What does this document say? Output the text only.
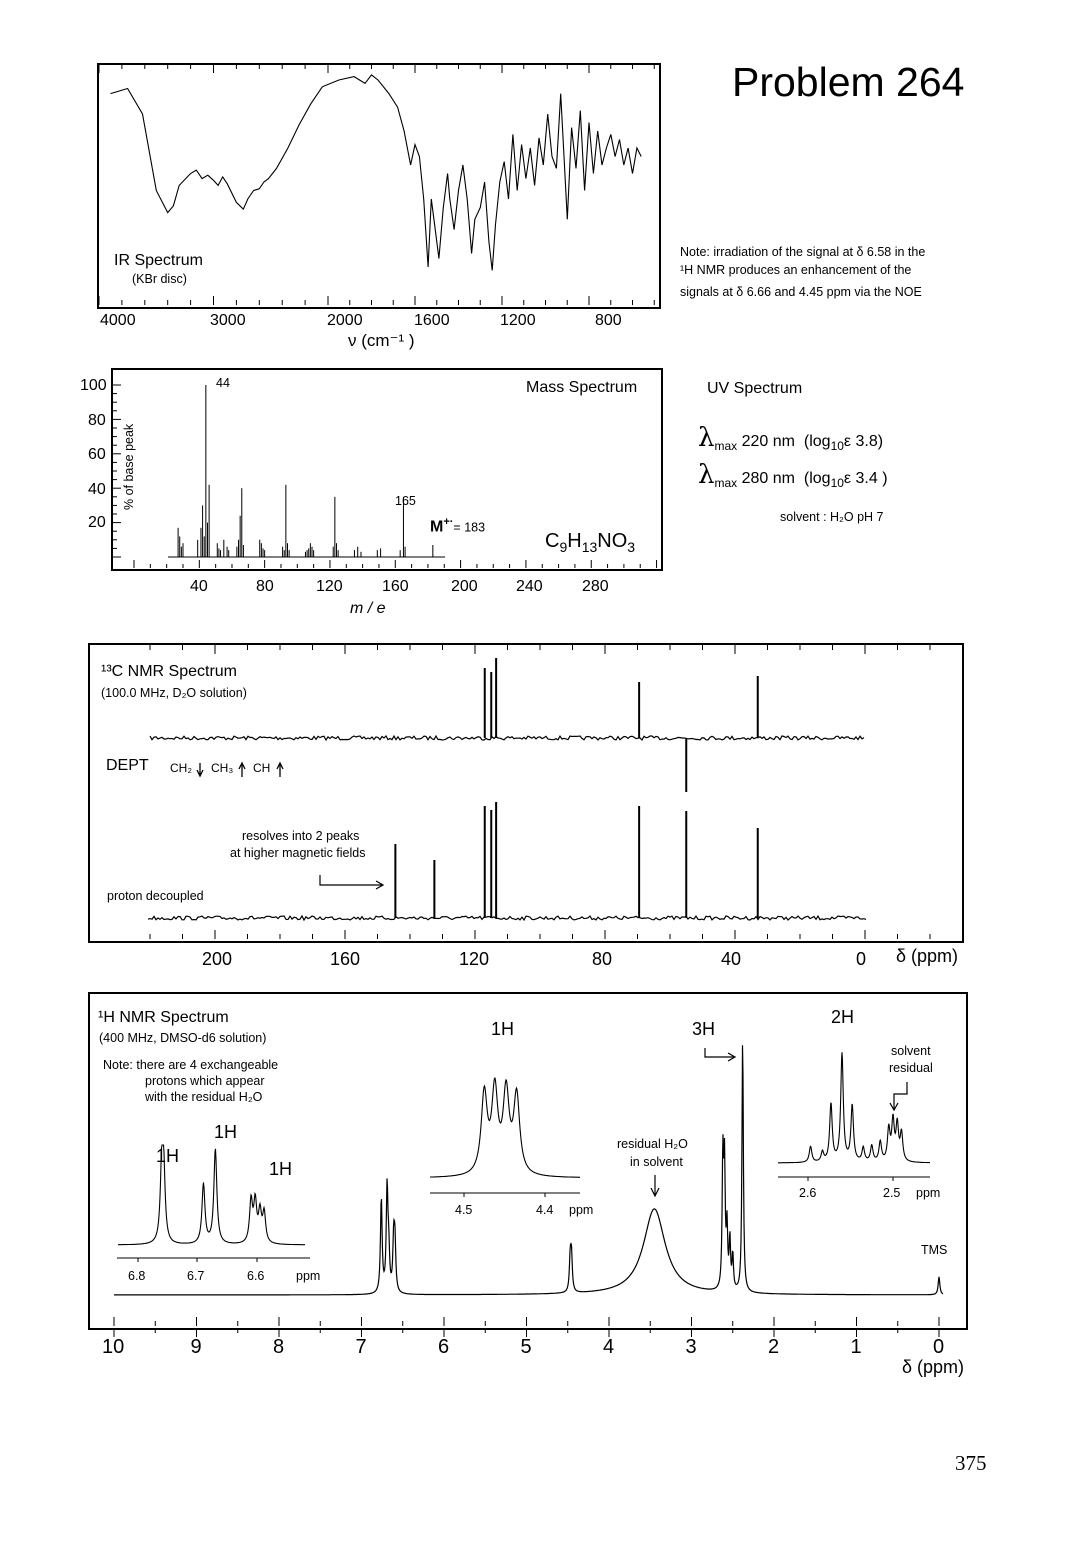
Problem 264
375
Note: irradiation of the signal at δ 6.58 in the
¹H NMR produces an enhancement of the
signals at δ 6.66 and 4.45 ppm via the NOE
UV Spectrum
$\lambda_{max}$ 220 nm ($\log_{10}\varepsilon$ 3.8)
$\lambda_{max}$ 280 nm ($\log_{10}\varepsilon$ 3.4 )
solvent : H₂O pH 7
IR Spectrum
(KBr disc)
4000	3000	2000	1600	1200	800
ν (cm⁻¹ )
Mass Spectrum
% of base peak
100
80
60
40
20
40	80	120 160	200 240 280
m / e
44
165
M+·= 183
$C_9H_{13}NO_3$
¹³C NMR Spectrum
(100.0 MHz, D₂O solution)
DEPT CH₂ CH₃ CH
resolves into 2 peaks
at higher magnetic fields
proton decoupled
200	160	120	80	40	0 δ (ppm)
¹H NMR Spectrum
(400 MHz, DMSO-d6 solution)
Note: there are 4 exchangeable
protons which appear
with the residual H₂O
1H
1H
1H
6.8	6.7	6.6	ppm
1H
4.5	4.4 ppm
3H
2H
solvent
residual
2.6	2.5 ppm
residual H₂O
in solvent
TMS
10	9	8	7	6	5	4	3	2	1	0
δ (ppm)
